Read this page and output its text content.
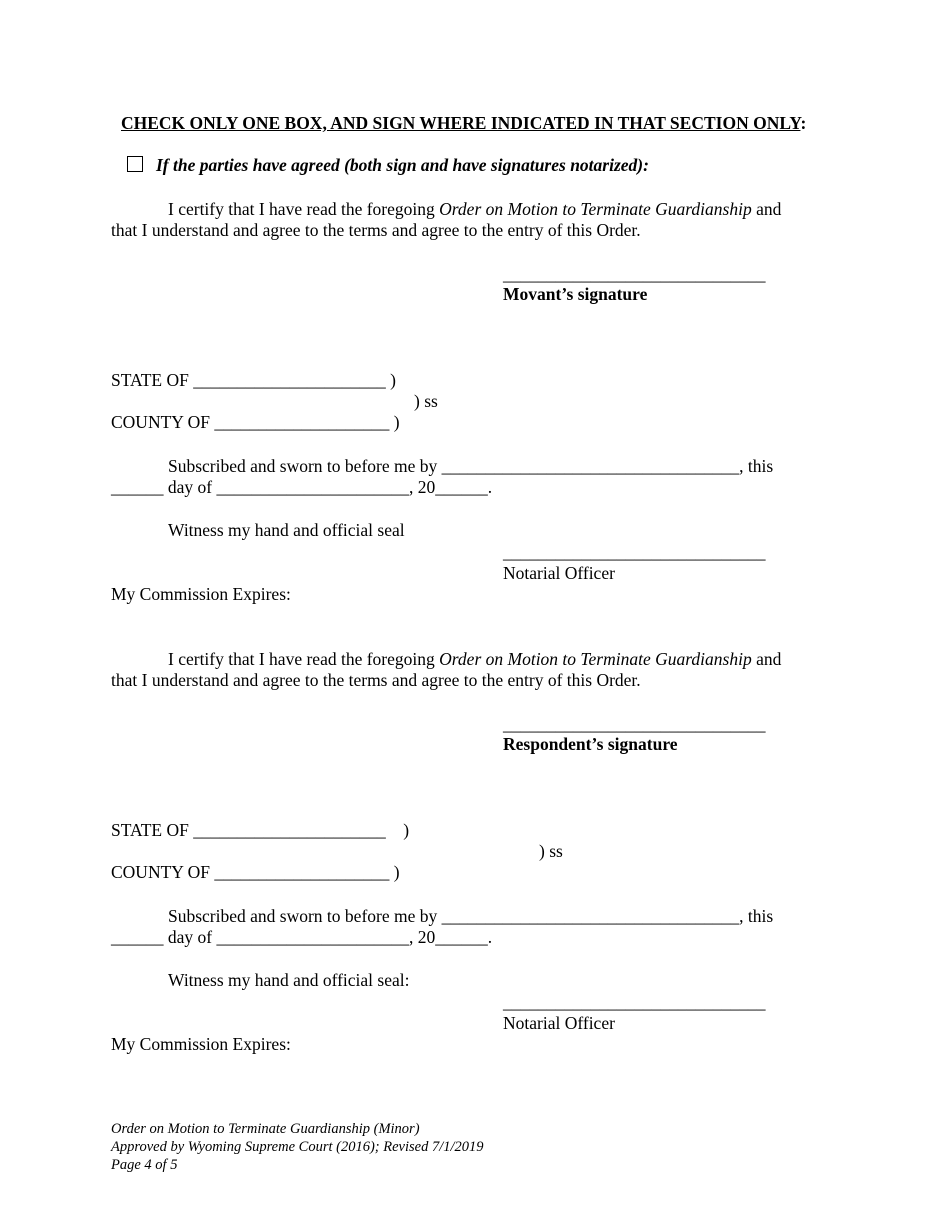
CHECK ONLY ONE BOX, AND SIGN WHERE INDICATED IN THAT SECTION ONLY:
If the parties have agreed (both sign and have signatures notarized):
I certify that I have read the foregoing Order on Motion to Terminate Guardianship and
that I understand and agree to the terms and agree to the entry of this Order.
______________________________
Movant’s signature
STATE OF ______________________ )
) ss
COUNTY OF ____________________ )
Subscribed and sworn to before me by __________________________________, this
______ day of ______________________, 20______.
Witness my hand and official seal
______________________________
Notarial Officer
My Commission Expires:
I certify that I have read the foregoing Order on Motion to Terminate Guardianship and
that I understand and agree to the terms and agree to the entry of this Order.
______________________________
Respondent’s signature
STATE OF ______________________    )
) ss
COUNTY OF ____________________ )
Subscribed and sworn to before me by __________________________________, this
______ day of ______________________, 20______.
Witness my hand and official seal:
______________________________
Notarial Officer
My Commission Expires:
Order on Motion to Terminate Guardianship (Minor)
Approved by Wyoming Supreme Court (2016); Revised 7/1/2019
Page 4 of 5
